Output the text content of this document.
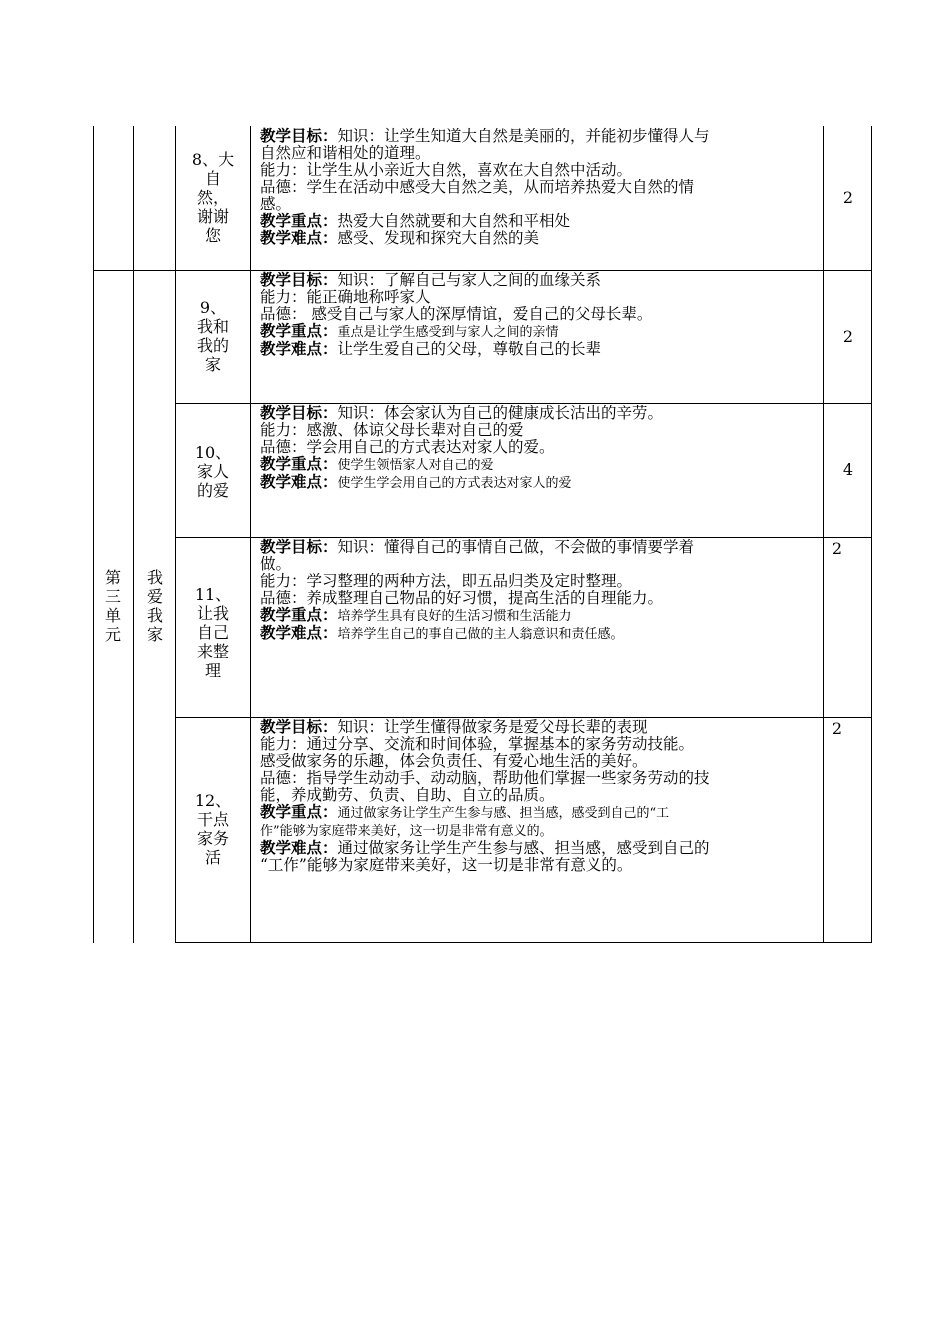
第
三
单
元
我
爱
我
家
8、大
自
然，
谢谢
您
教学目标：知识：让学生知道大自然是美丽的，并能初步懂得人与
自然应和谐相处的道理。
能力：让学生从小亲近大自然，喜欢在大自然中活动。
品德：学生在活动中感受大自然之美，从而培养热爱大自然的情
感。
教学重点：热爱大自然就要和大自然和平相处
教学难点：感受、发现和探究大自然的美
2
9、
我和
我的
家
教学目标：知识：了解自己与家人之间的血缘关系
能力：能正确地称呼家人
品德： 感受自己与家人的深厚情谊，爱自己的父母长辈。
教学重点：重点是让学生感受到与家人之间的亲情
教学难点：让学生爱自己的父母，尊敬自己的长辈
2
10、
家人
的爱
教学目标：知识：体会家认为自己的健康成长沽出的辛劳。
能力：感激、体谅父母长辈对自己的爱
品德：学会用自己的方式表达对家人的爱。
教学重点：使学生领悟家人对自己的爱
教学难点：使学生学会用自己的方式表达对家人的爱
4
11、
让我
自己
来整
理
教学目标：知识：懂得自己的事情自己做，不会做的事情要学着
做。
能力：学习整理的两种方法，即五品归类及定时整理。
品德：养成整理自己物品的好习惯，提高生活的自理能力。
教学重点：培养学生具有良好的生活习惯和生活能力
教学难点：培养学生自己的事自己做的主人翁意识和责任感。
2
12、
干点
家务
活
教学目标：知识：让学生懂得做家务是爱父母长辈的表现
能力：通过分享、交流和时间体验，掌握基本的家务劳动技能。
感受做家务的乐趣，体会负责任、有爱心地生活的美好。
品德：指导学生动动手、动动脑，帮助他们掌握一些家务劳动的技
能，养成勤劳、负责、自助、自立的品质。
教学重点：通过做家务让学生产生参与感、担当感，感受到自己的“工
作”能够为家庭带来美好，这一切是非常有意义的。
教学难点：通过做家务让学生产生参与感、担当感，感受到自己的
“工作”能够为家庭带来美好，这一切是非常有意义的。
2
